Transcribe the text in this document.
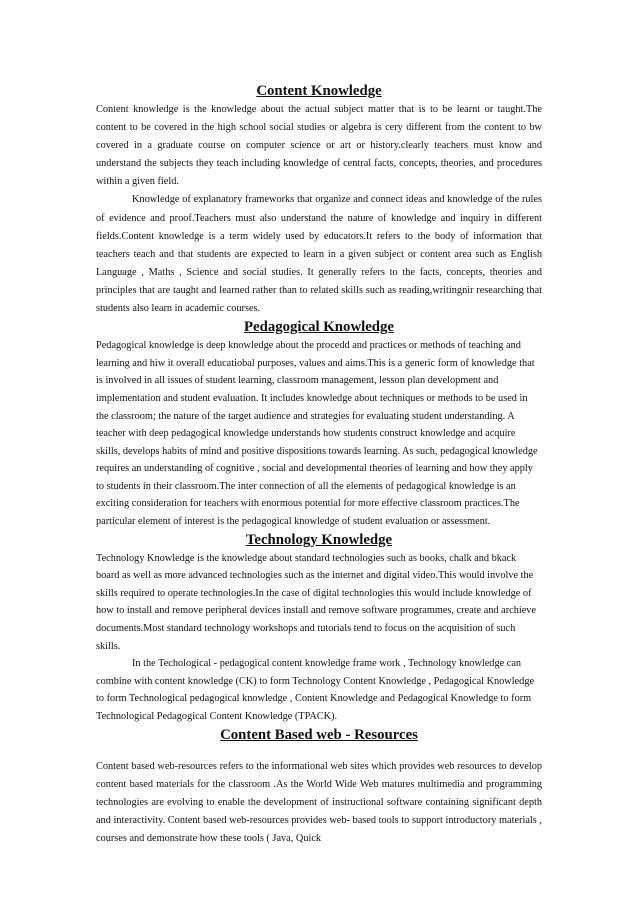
Content Knowledge

Content knowledge is the knowledge about the actual subject matter that is to be learnt or taught.The content to be covered in the high school social studies or algebra is cery different from the content to bw covered in a graduate course on computer science or art or history.clearly teachers must know and understand the subjects they teach including knowledge of central facts, concepts, theories, and procedures within a given field.

Knowledge of explanatory frameworks that organize and connect ideas and knowledge of the rules of evidence and proof.Teachers must also understand the nature of knowledge and inquiry in different fields.Content knowledge is a term widely used by educators.It refers to the body of information that teachers teach and that students are expected to learn in a given subject or content area such as English Language , Maths , Science and social studies. It generally refers to the facts, concepts, theories and principles that are taught and learned rather than to related skills such as reading,writingnir researching that students also learn in academic courses.

Pedagogical Knowledge

Pedagogical knowledge is deep knowledge about the procedd and practices or methods of teaching and learning and hiw it overall educatiobal purposes, values and aims.This is a generic form of knowledge that is involved in all issues of student learning, classroom management, lesson plan development and implementation and student evaluation. It includes knowledge about techniques or methods to be used in the classroom; the nature of the target audience and strategies for evaluating student understanding. A teacher with deep pedagogical knowledge understands how students construct knowledge and acquire skills, develops habits of mind and positive dispositions towards learning. As such, pedagogical knowledge requires an understanding of cognitive , social and developmental theories of learning and how they apply to students in their classroom.The inter connection of all the elements of pedagogical knowledge is an exciting consideration for teachers with enormous potential for more effective classroom practices.The particular element of interest is the pedagogical knowledge of student evaluation or assessment.

Technology Knowledge

Technology Knowledge is the knowledge about standard technologies such as books, chalk and bkack board as well as more advanced technologies such as the internet and digital video.This would involve the skills required to operate technologies.In the case of digital technologies this would include knowledge of how to install and remove peripheral devices install and remove software programmes, create and archieve documents.Most standard technology workshops and tutorials tend to focus on the acquisition of such skills.

In the Techological - pedagogical content knowledge frame work , Technology knowledge can combine with content knowledge (CK) to form Technology Content Knowledge , Pedagogical Knowledge to form Technological pedagogical knowledge , Content Knowledge and Pedagogical Knowledge to form Technological Pedagogical Content Knowledge (TPACK).

Content Based web - Resources

Content based web-resources refers to the informational web sites which provides web resources to develop content based materials for the classroom .As the World Wide Web matures multimedia and programming technologies are evolving to enable the development of instructional software containing significant depth and interactivity. Content based web-resources provides web- based tools to support introductory materials , courses and demonstrate how these tools ( Java, Quick
